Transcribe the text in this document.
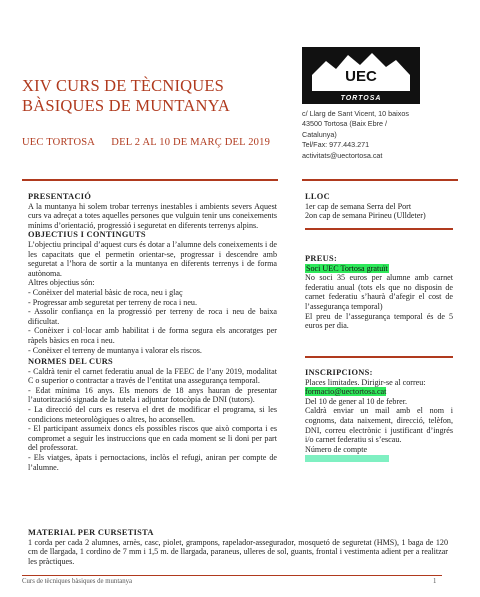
XIV CURS DE TÈCNIQUES
BÀSIQUES DE MUNTANYA
UEC TORTOSA DEL 2 AL 10 DE MARÇ DEL 2019
UEC
TORTOSA
c/ Llarg de Sant Vicent, 10 baixos
43500 Tortosa (Baix Ebre /
Catalunya)
Tel/Fax: 977.443.271
activitats@uectortosa.cat
PRESENTACIÓ

A la muntanya hi solem trobar terrenys inestables i ambients severs Aquest curs va adreçat a totes aquelles persones que vulguin tenir uns coneixements mínims d’orientació, progressió i seguretat en diferents terrenys alpins.

OBJECTIUS I CONTINGUTS

L’objectiu principal d’aquest curs és dotar a l’alumne dels coneixements i de les capacitats que el permetin orientar-se, progressar i descendre amb seguretat a l’hora de sortir a la muntanya en diferents terrenys i de forma autònoma.

Altres objectius són:

- Conèixer del material bàsic de roca, neu i glaç

- Progressar amb seguretat per terreny de roca i neu.

- Assolir confiança en la progressió per terreny de roca i neu de baixa dificultat.

- Conèixer i col·locar amb habilitat i de forma segura els ancoratges per ràpels bàsics en roca i neu.

- Conèixer el terreny de muntanya i valorar els riscos.

NORMES DEL CURS

- Caldrà tenir el carnet federatiu anual de la FEEC de l’any 2019, modalitat C o superior o contractar a través de l’entitat una assegurança temporal.

- Edat mínima 16 anys. Els menors de 18 anys hauran de presentar l’autorització signada de la tutela i adjuntar fotocòpia de DNI (tutors).

- La direcció del curs es reserva el dret de modificar el programa, si les condicions meteorològiques o altres, ho aconsellen.

- El participant assumeix doncs els possibles riscos que això comporta i es compromet a seguir les instruccions que en cada moment se li doni per part del professorat.

- Els viatges, àpats i pernoctacions, inclòs el refugi, aniran per compte de l’alumne.

LLOC

1er cap de semana Serra del Port

2on cap de semana Pirineu (Ulldeter)

PREUS:

Soci UEC Tortosa gratuït

No soci 35 euros per alumne amb carnet federatiu anual (tots els que no disposin de carnet federatiu s’haurà d’afegir el cost de l’assegurança temporal)

El preu de l’assegurança temporal és de 5 euros per dia.

INSCRIPCIONS:

Places limitades. Dirigir-se al correu:

formacio@uectortosa.cat

Del 10 de gener al 10 de febrer.

Caldrà enviar un mail amb el nom i cognoms, data naixement, direcció, telèfon, DNI, correu electrònic i justificant d’ingrés i/o carnet federatiu si s’escau.

Número de compte

MATERIAL PER CURSETISTA

1 corda per cada 2 alumnes, arnès, casc, piolet, grampons, rapelador-assegurador, mosquetó de seguretat (HMS), 1 baga de 120 cm de llargada, 1 cordino de 7 mm i 1,5 m. de llargada, paraneus, ulleres de sol, guants, frontal i vestimenta adient per a realitzar les pràctiques.

Curs de tècniques bàsiques de muntanya	1
